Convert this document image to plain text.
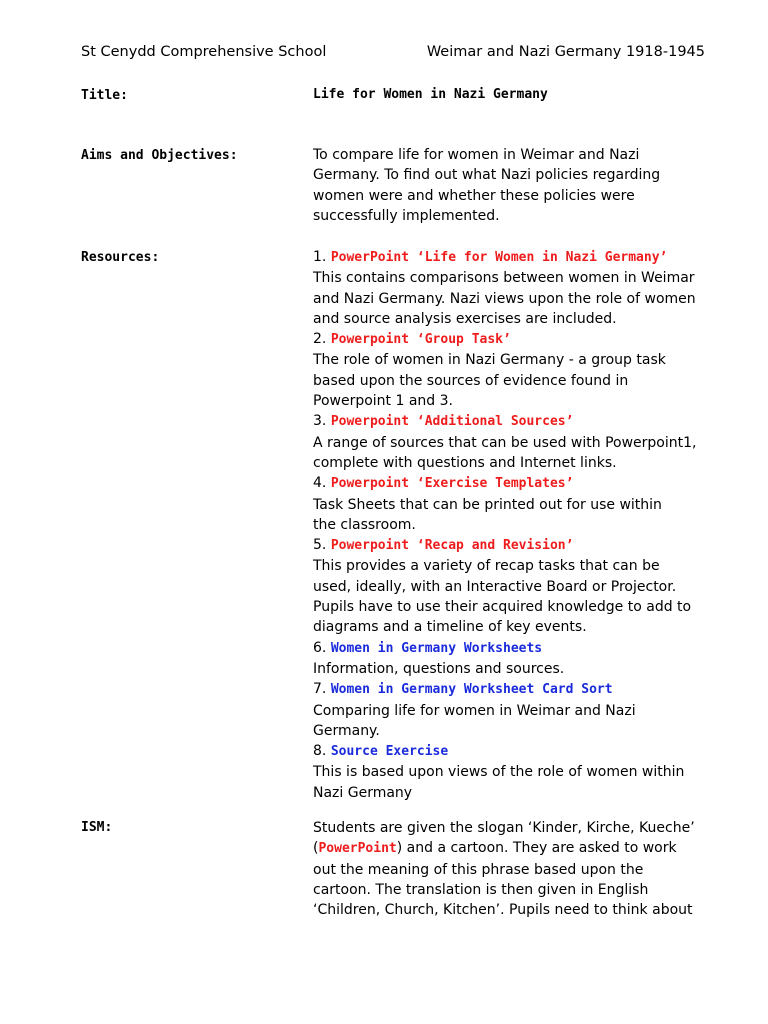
St Cenydd Comprehensive School	Weimar and Nazi Germany 1918-1945
Title:	Life for Women in Nazi Germany
Aims and Objectives:	To compare life for women in Weimar and Nazi
Germany. To find out what Nazi policies regarding
women were and whether these policies were
successfully implemented.
Resources:	1. PowerPoint ‘Life for Women in Nazi Germany’
This contains comparisons between women in Weimar
and Nazi Germany. Nazi views upon the role of women
and source analysis exercises are included.
2. Powerpoint ‘Group Task’
The role of women in Nazi Germany - a group task
based upon the sources of evidence found in
Powerpoint 1 and 3.
3. Powerpoint ‘Additional Sources’
A range of sources that can be used with Powerpoint1,
complete with questions and Internet links.
4. Powerpoint ‘Exercise Templates’
Task Sheets that can be printed out for use within
the classroom.
5. Powerpoint ‘Recap and Revision’
This provides a variety of recap tasks that can be
used, ideally, with an Interactive Board or Projector.
Pupils have to use their acquired knowledge to add to
diagrams and a timeline of key events.
6. Women in Germany Worksheets
Information, questions and sources.
7. Women in Germany Worksheet Card Sort
Comparing life for women in Weimar and Nazi
Germany.
8. Source Exercise
This is based upon views of the role of women within
Nazi Germany
ISM:	Students are given the slogan ‘Kinder, Kirche, Kueche’
(PowerPoint) and a cartoon. They are asked to work
out the meaning of this phrase based upon the
cartoon. The translation is then given in English
‘Children, Church, Kitchen’. Pupils need to think about
